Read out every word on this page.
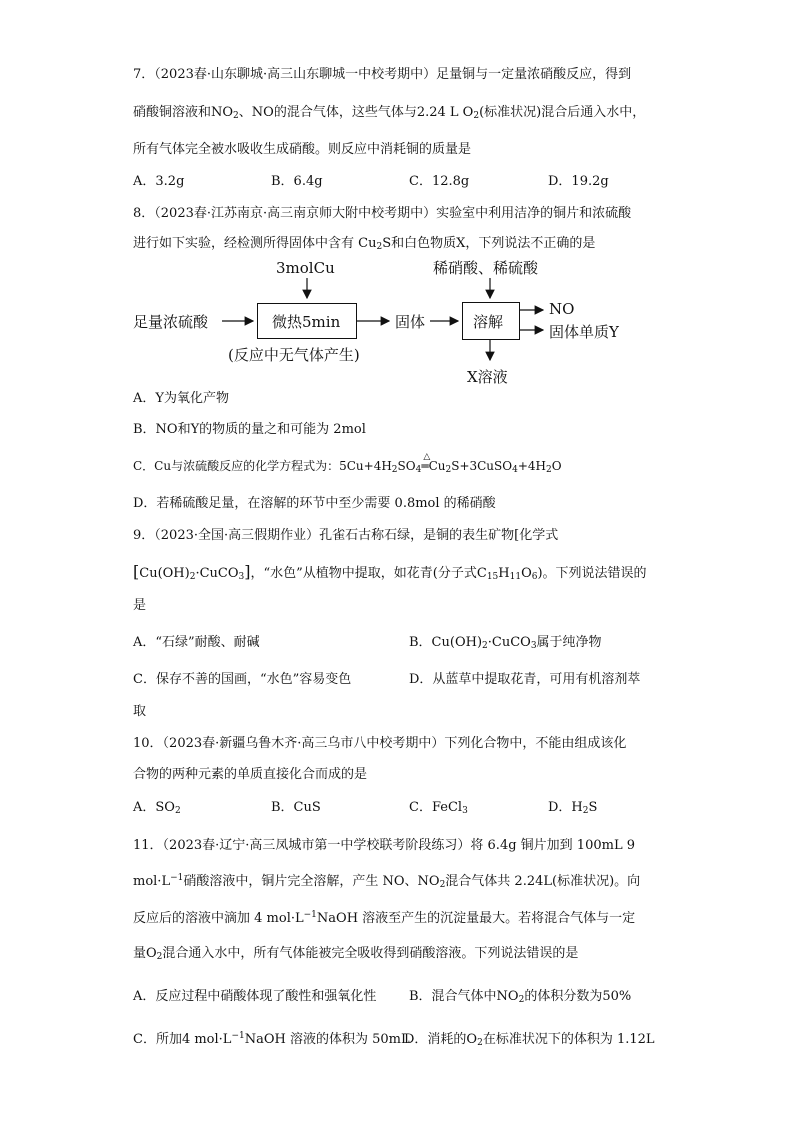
7．（2023春·山东聊城·高三山东聊城一中校考期中）足量铜与一定量浓硝酸反应，得到
硝酸铜溶液和$NO_2$、NO的混合气体，这些气体与2.24 L $O_2$(标准状况)混合后通入水中，
所有气体完全被水吸收生成硝酸。则反应中消耗铜的质量是
A．3.2g	B．6.4g	C．12.8g	D．19.2g
8．（2023春·江苏南京·高三南京师大附中校考期中）实验室中利用洁净的铜片和浓硫酸
进行如下实验，经检测所得固体中含有 $Cu_2S$和白色物质X，下列说法不正确的是
3molCu	稀硝酸、稀硫酸
足量浓硫酸	微热5min	固体	溶解
NO
固体单质Y
X溶液
(反应中无气体产生)
A．Y为氧化产物
B．NO和Y的物质的量之和可能为 2mol
C．Cu与浓硫酸反应的化学方程式为：$5Cu+4H_2SO_4$
△
$═Cu_2S+3CuSO_4+4H_2O$
D．若稀硫酸足量，在溶解的环节中至少需要 0.8mol 的稀硝酸
9．（2023·全国·高三假期作业）孔雀石古称石绿，是铜的表生矿物[化学式
$[Cu(OH)_2\cdot CuCO_3]$，“水色”从植物中提取，如花青(分子式$C_{15}H_{11}O_6$)。下列说法错误的
是
A．“石绿”耐酸、耐碱	B．$Cu(OH)_2\cdot CuCO_3$属于纯净物
C．保存不善的国画，“水色”容易变色	D．从蓝草中提取花青，可用有机溶剂萃
取
10．（2023春·新疆乌鲁木齐·高三乌市八中校考期中）下列化合物中，不能由组成该化
合物的两种元素的单质直接化合而成的是
A．$SO_2$	B．CuS	C．FeCl$_3$	D．$H_2S$
11．（2023春·辽宁·高三凤城市第一中学校联考阶段练习）将 6.4g 铜片加到 100mL 9
$mol\cdot L^{-1}$硝酸溶液中，铜片完全溶解，产生 NO、$NO_2$混合气体共 2.24L(标准状况)。向
反应后的溶液中滴加 4 $mol\cdot L^{-1}NaOH$ 溶液至产生的沉淀量最大。若将混合气体与一定
量$O_2$混合通入水中，所有气体能被完全吸收得到硝酸溶液。下列说法错误的是
A．反应过程中硝酸体现了酸性和强氧化性	B．混合气体中$NO_2$的体积分数为50%
C．所加4 $mol\cdot L^{-1}NaOH$ 溶液的体积为 50mL
D．消耗的$O_2$在标准状况下的体积为 1.12L
